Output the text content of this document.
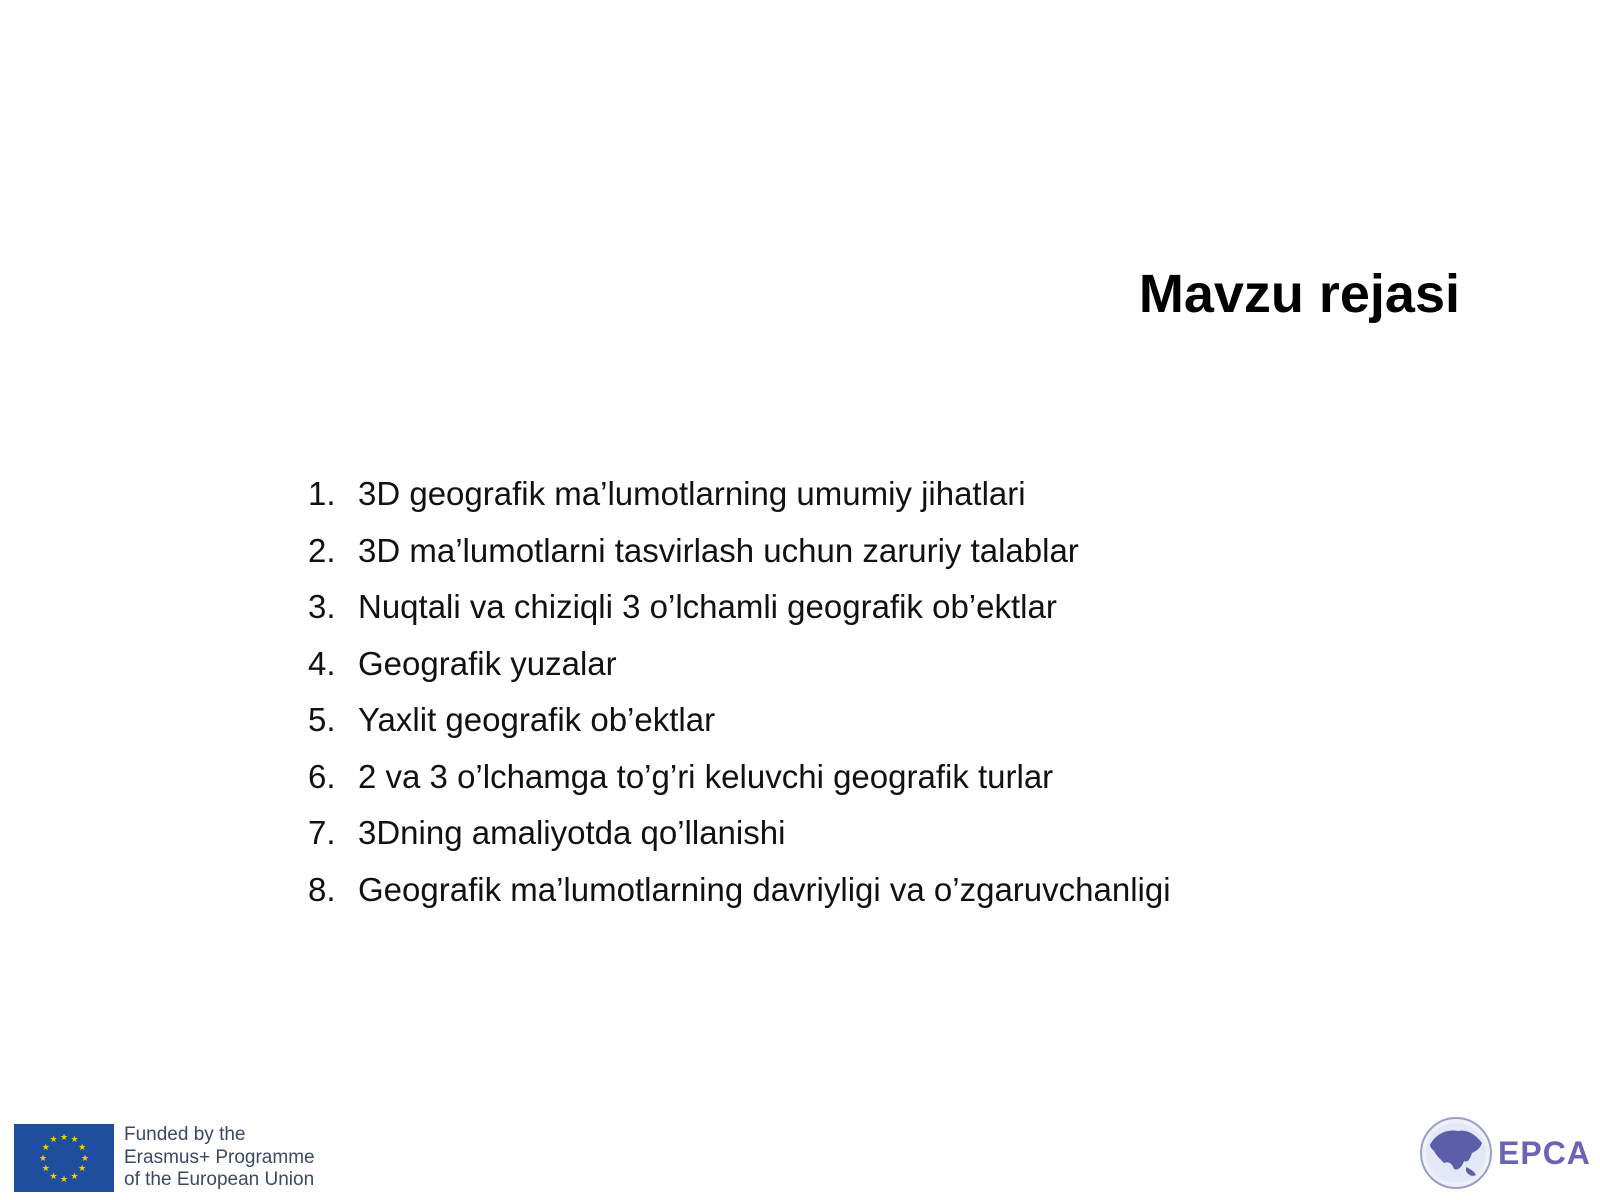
Mavzu rejasi
1. 3D geografik ma’lumotlarning umumiy jihatlari
2. 3D ma’lumotlarni tasvirlash uchun zaruriy talablar
3. Nuqtali va chiziqli 3 o’lchamli geografik ob’ektlar
4. Geografik yuzalar
5. Yaxlit geografik ob’ektlar
6. 2 va 3 o’lchamga to’g’ri keluvchi geografik turlar
7. 3Dning amaliyotda qo’llanishi
8. Geografik ma’lumotlarning davriyligi va o’zgaruvchanligi
★ ★
★
★
★
★
★
★
★
★
★
★	Funded by the
Erasmus+ Programme
of the European Union
EPCA
